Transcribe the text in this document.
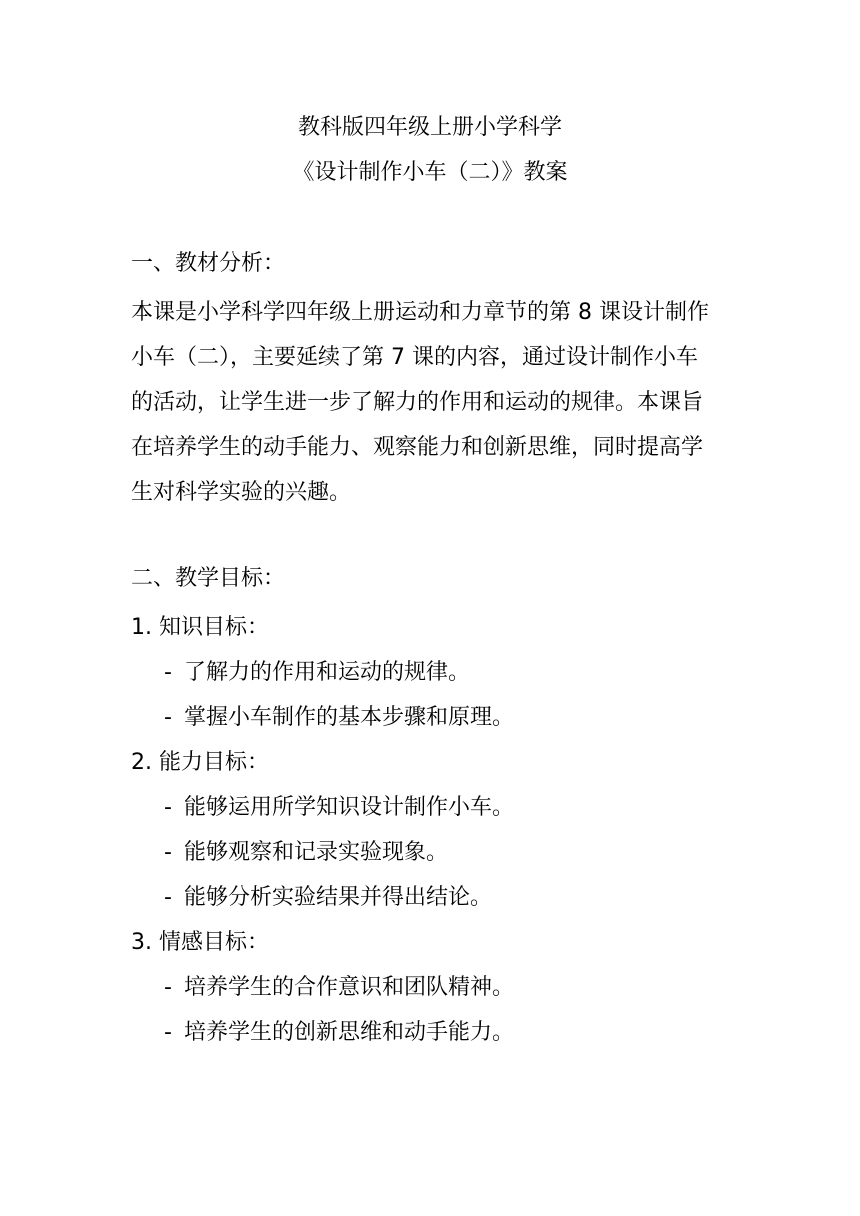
教科版四年级上册小学科学
《设计制作小车（二）》教案
一、教材分析：
本课是小学科学四年级上册运动和力章节的第 8 课设计制作
小车（二），主要延续了第 7 课的内容，通过设计制作小车
的活动，让学生进一步了解力的作用和运动的规律。本课旨
在培养学生的动手能力、观察能力和创新思维，同时提高学
生对科学实验的兴趣。
二、教学目标：
1. 知识目标：
- 了解力的作用和运动的规律。
- 掌握小车制作的基本步骤和原理。
2. 能力目标：
- 能够运用所学知识设计制作小车。
- 能够观察和记录实验现象。
- 能够分析实验结果并得出结论。
3. 情感目标：
- 培养学生的合作意识和团队精神。
- 培养学生的创新思维和动手能力。
